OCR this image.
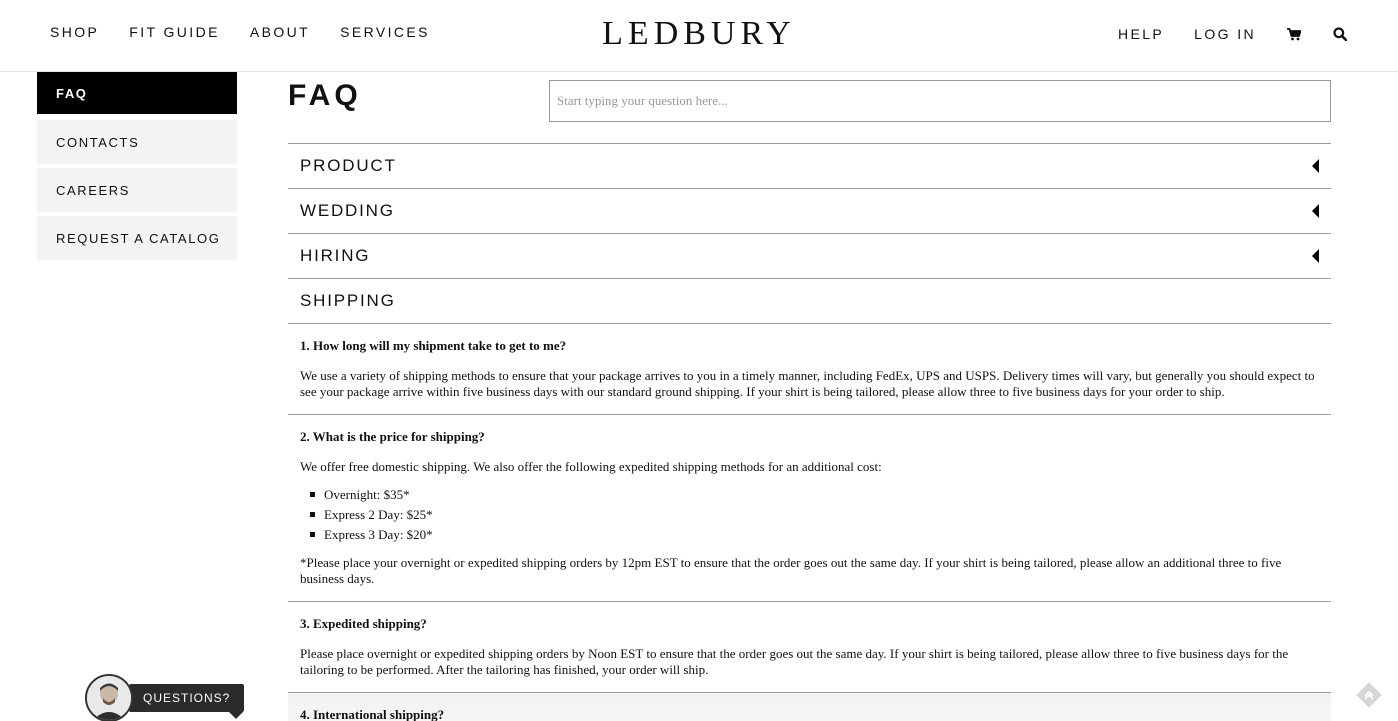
SHOP FIT GUIDE ABOUT SERVICES	LEDBURY	HELP LOG IN
FAQ
CONTACTS
CAREERS
REQUEST A CATALOG
FAQ
Start typing your question here...
PRODUCT
WEDDING
HIRING
SHIPPING
1. How long will my shipment take to get to me?
We use a variety of shipping methods to ensure that your package arrives to you in a timely manner, including FedEx, UPS and USPS. Delivery times will vary, but generally you should expect to see your package arrive within five business days with our standard ground shipping. If your shirt is being tailored, please allow three to five business days for your order to ship.
2. What is the price for shipping?
We offer free domestic shipping. We also offer the following expedited shipping methods for an additional cost:
Overnight: $35*
Express 2 Day: $25*
Express 3 Day: $20*
*Please place your overnight or expedited shipping orders by 12pm EST to ensure that the order goes out the same day. If your shirt is being tailored, please allow an additional three to five business days.
3. Expedited shipping?
Please place overnight or expedited shipping orders by Noon EST to ensure that the order goes out the same day. If your shirt is being tailored, please allow three to five business days for the tailoring to be performed. After the tailoring has finished, your order will ship.
4. International shipping?
QUESTIONS?
